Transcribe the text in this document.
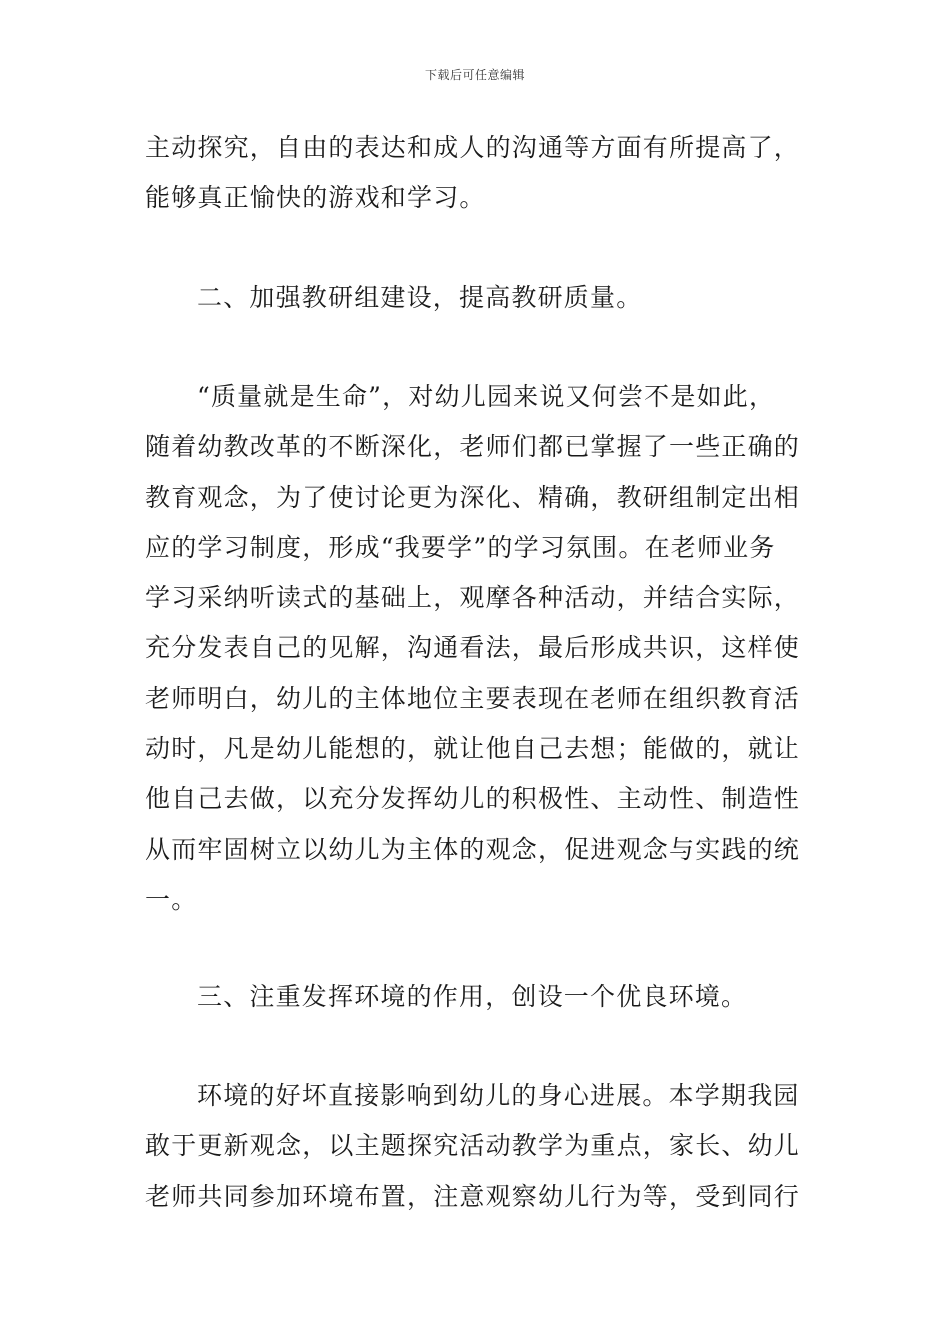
下载后可任意编辑
主动探究，自由的表达和成人的沟通等方面有所提高了，
能够真正愉快的游戏和学习。
二、加强教研组建设，提高教研质量。
“质量就是生命”，对幼儿园来说又何尝不是如此，
随着幼教改革的不断深化，老师们都已掌握了一些正确的
教育观念，为了使讨论更为深化、精确，教研组制定出相
应的学习制度，形成“我要学”的学习氛围。在老师业务
学习采纳听读式的基础上，观摩各种活动，并结合实际，
充分发表自己的见解，沟通看法，最后形成共识，这样使
老师明白，幼儿的主体地位主要表现在老师在组织教育活
动时，凡是幼儿能想的，就让他自己去想；能做的，就让
他自己去做，以充分发挥幼儿的积极性、主动性、制造性
从而牢固树立以幼儿为主体的观念，促进观念与实践的统
一。
三、注重发挥环境的作用，创设一个优良环境。
环境的好坏直接影响到幼儿的身心进展。本学期我园
敢于更新观念，以主题探究活动教学为重点，家长、幼儿
老师共同参加环境布置，注意观察幼儿行为等，受到同行
